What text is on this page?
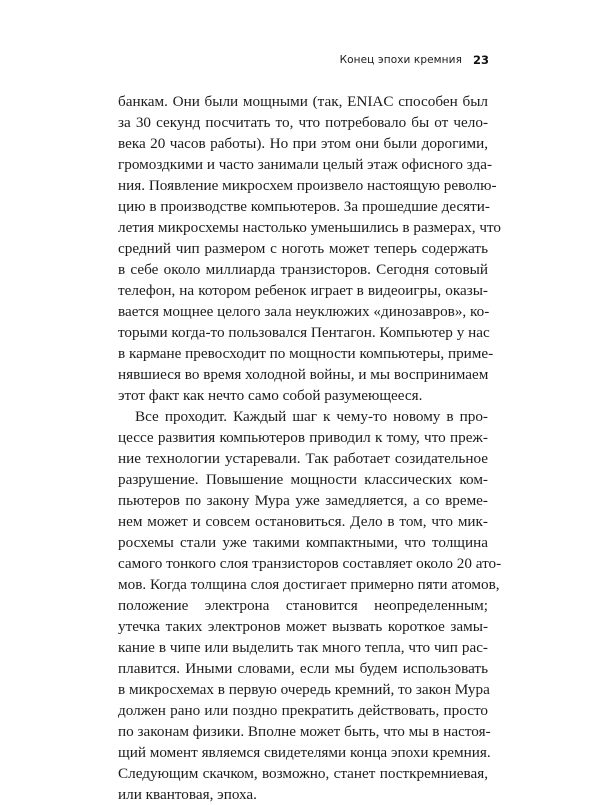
Конец эпохи кремния 23
банкам. Они были мощными (так, ENIAC способен был
за 30 секунд посчитать то, что потребовало бы от чело-
века 20 часов работы). Но при этом они были дорогими,
громоздкими и часто занимали целый этаж офисного зда-
ния. Появление микросхем произвело настоящую револю-
цию в производстве компьютеров. За прошедшие десяти-
летия микросхемы настолько уменьшились в размерах, что
средний чип размером с ноготь может теперь содержать
в себе около миллиарда транзисторов. Сегодня сотовый
телефон, на котором ребенок играет в видеоигры, оказы-
вается мощнее целого зала неуклюжих «динозавров», ко-
торыми когда-то пользовался Пентагон. Компьютер у нас
в кармане превосходит по мощности компьютеры, приме-
нявшиеся во время холодной войны, и мы воспринимаем
этот факт как нечто само собой разумеющееся.
Все проходит. Каждый шаг к чему-то новому в про-
цессе развития компьютеров приводил к тому, что преж-
ние технологии устаревали. Так работает созидательное
разрушение. Повышение мощности классических ком-
пьютеров по закону Мура уже замедляется, а со време-
нем может и совсем остановиться. Дело в том, что мик-
росхемы стали уже такими компактными, что толщина
самого тонкого слоя транзисторов составляет около 20 ато-
мов. Когда толщина слоя достигает примерно пяти атомов,
положение электрона становится неопределенным;
утечка таких электронов может вызвать короткое замы-
кание в чипе или выделить так много тепла, что чип рас-
плавится. Иными словами, если мы будем использовать
в микросхемах в первую очередь кремний, то закон Мура
должен рано или поздно прекратить действовать, просто
по законам физики. Вполне может быть, что мы в настоя-
щий момент являемся свидетелями конца эпохи кремния.
Следующим скачком, возможно, станет посткремниевая,
или квантовая, эпоха.
